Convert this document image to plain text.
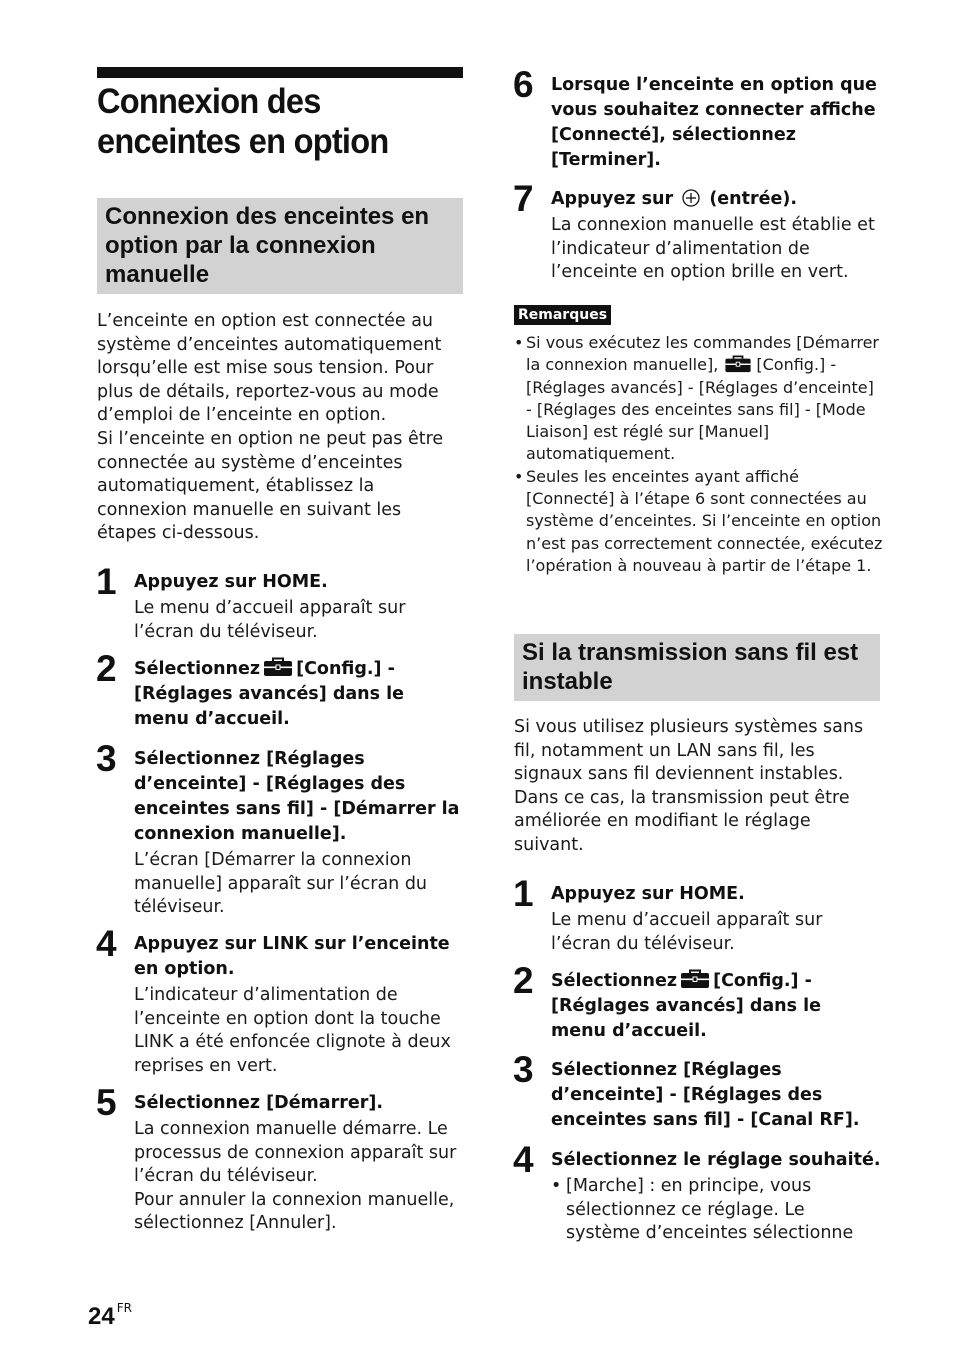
Connexion des enceintes en option
Connexion des enceintes en option par la connexion manuelle

L’enceinte en option est connectée au système d’enceintes automatiquement lorsqu’elle est mise sous tension. Pour plus de détails, reportez-vous au mode d’emploi de l’enceinte en option.

Si l’enceinte en option ne peut pas être connectée au système d’enceintes automatiquement, établissez la connexion manuelle en suivant les étapes ci-dessous.

1 Appuyez sur HOME.

Le menu d’accueil apparaît sur l’écran du téléviseur.

2 Sélectionnez [Config.] - [Réglages avancés] dans le menu d’accueil.

3 Sélectionnez [Réglages d’enceinte] - [Réglages des enceintes sans fil] - [Démarrer la connexion manuelle].

L’écran [Démarrer la connexion manuelle] apparaît sur l’écran du téléviseur.

4 Appuyez sur LINK sur l’enceinte en option.

L’indicateur d’alimentation de l’enceinte en option dont la touche LINK a été enfoncée clignote à deux reprises en vert.

5 Sélectionnez [Démarrer].

La connexion manuelle démarre. Le processus de connexion apparaît sur l’écran du téléviseur.

Pour annuler la connexion manuelle, sélectionnez [Annuler].

6 Lorsque l’enceinte en option que vous souhaitez connecter affiche [Connecté], sélectionnez [Terminer].

7 Appuyez sur (entrée).

La connexion manuelle est établie et l’indicateur d’alimentation de l’enceinte en option brille en vert.

Remarques
• Si vous exécutez les commandes [Démarrer la connexion manuelle], [Config.] - [Réglages avancés] - [Réglages d’enceinte] - [Réglages des enceintes sans fil] - [Mode Liaison] est réglé sur [Manuel] automatiquement.
• Seules les enceintes ayant affiché [Connecté] à l’étape 6 sont connectées au système d’enceintes. Si l’enceinte en option n’est pas correctement connectée, exécutez l’opération à nouveau à partir de l’étape 1.
Si la transmission sans fil est instable

Si vous utilisez plusieurs systèmes sans fil, notamment un LAN sans fil, les signaux sans fil deviennent instables. Dans ce cas, la transmission peut être améliorée en modifiant le réglage suivant.

1 Appuyez sur HOME.

Le menu d’accueil apparaît sur l’écran du téléviseur.

2 Sélectionnez [Config.] - [Réglages avancés] dans le menu d’accueil.

3 Sélectionnez [Réglages d’enceinte] - [Réglages des enceintes sans fil] - [Canal RF].

4 Sélectionnez le réglage souhaité.

• [Marche] : en principe, vous sélectionnez ce réglage. Le système d’enceintes sélectionne

24 $^{FR}$
